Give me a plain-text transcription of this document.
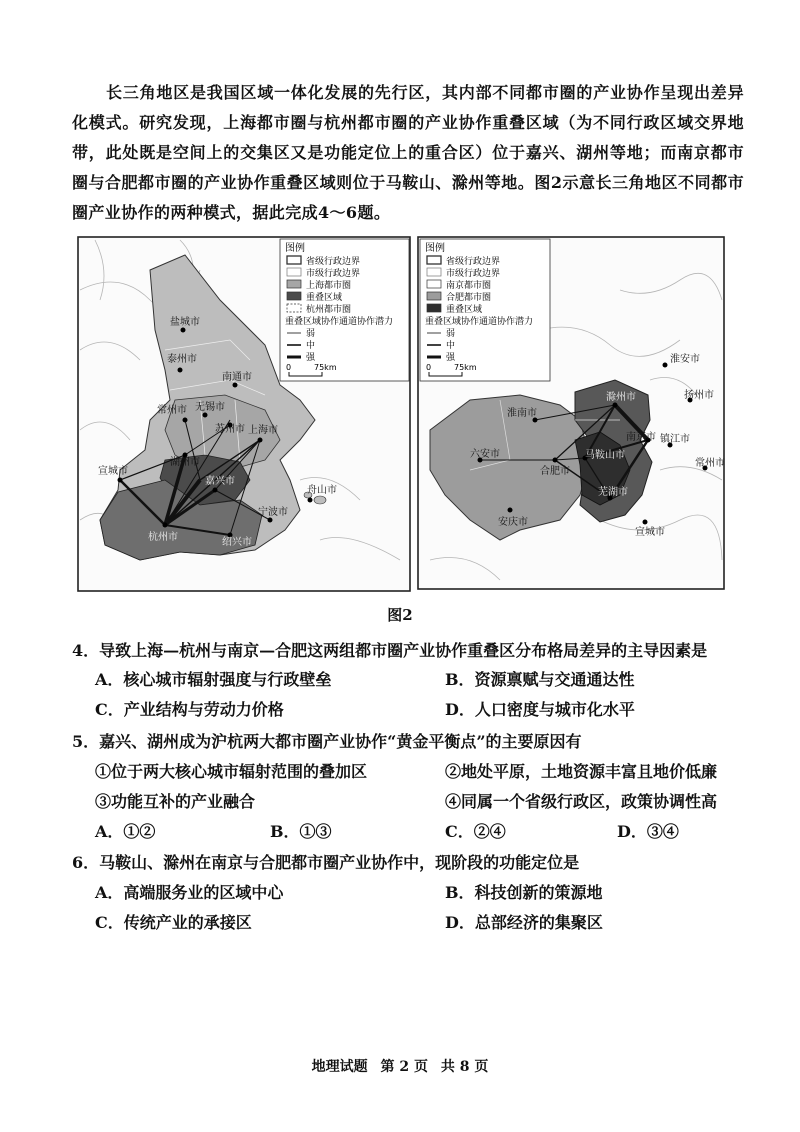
长三角地区是我国区域一体化发展的先行区，其内部不同都市圈的产业协作呈现出差异化模式。研究发现，上海都市圈与杭州都市圈的产业协作重叠区域（为不同行政区域交界地带，此处既是空间上的交集区又是功能定位上的重合区）位于嘉兴、湖州等地；而南京都市圈与合肥都市圈的产业协作重叠区域则位于马鞍山、滁州等地。图2示意长三角地区不同都市圈产业协作的两种模式，据此完成4～6题。
盐城市
泰州市
南通市
常州市 无锡市
苏州市 上海市
湖州市
嘉兴市
宣城市
舟山市
宁波市
杭州市	绍兴市
图例
省级行政边界
市级行政边界
上海都市圈
重叠区域
杭州都市圈
重叠区域协作通道协作潜力
弱
中
强
0	75km
淮安市
扬州市
淮南市
滁州市
南京市 镇江市
六安市
合肥市
马鞍山市
常州市
芜湖市
安庆市
宣城市
图例
省级行政边界
市级行政边界
南京都市圈
合肥都市圈
重叠区域
重叠区域协作通道协作潜力
弱
中
强
0	75km
图2
4．导致上海—杭州与南京—合肥这两组都市圈产业协作重叠区分布格局差异的主导因素是
A．核心城市辐射强度与行政壁垒	B．资源禀赋与交通通达性
C．产业结构与劳动力价格	D．人口密度与城市化水平
5．嘉兴、湖州成为沪杭两大都市圈产业协作“黄金平衡点”的主要原因有
①位于两大核心城市辐射范围的叠加区	②地处平原，土地资源丰富且地价低廉
③功能互补的产业融合	④同属一个省级行政区，政策协调性高
A．①②	B．①③	C．②④	D．③④
6．马鞍山、滁州在南京与合肥都市圈产业协作中，现阶段的功能定位是
A．高端服务业的区域中心	B．科技创新的策源地
C．传统产业的承接区	D．总部经济的集聚区
地理试题 第 2 页 共 8 页
